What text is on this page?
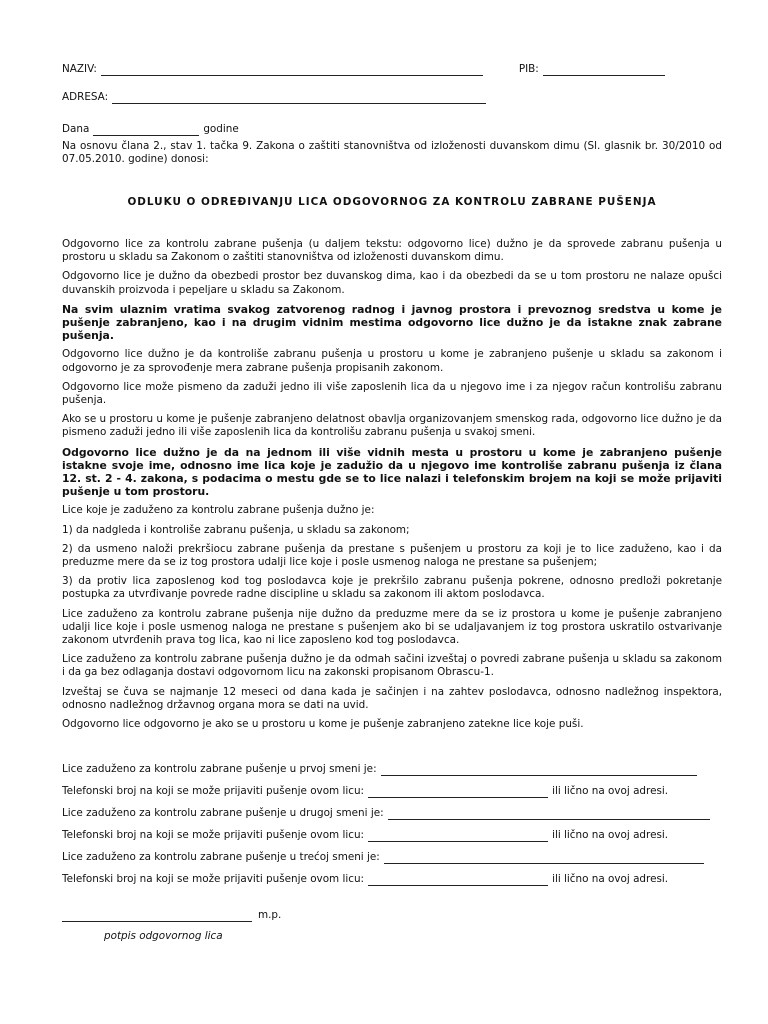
NAZIV:	PIB:
ADRESA:
Dana	godine

Na osnovu člana 2., stav 1. tačka 9. Zakona o zaštiti stanovništva od izloženosti duvanskom dimu (Sl. glasnik br. 30/2010 od 07.05.2010. godine) donosi:

ODLUKU O ODREĐIVANJU LICA ODGOVORNOG ZA KONTROLU ZABRANE PUŠENJA

Odgovorno lice za kontrolu zabrane pušenja (u daljem tekstu: odgovorno lice) dužno je da sprovede zabranu pušenja u prostoru u skladu sa Zakonom o zaštiti stanovništva od izloženosti duvanskom dimu.

Odgovorno lice je dužno da obezbedi prostor bez duvanskog dima, kao i da obezbedi da se u tom prostoru ne nalaze opušci duvanskih proizvoda i pepeljare u skladu sa Zakonom.

Na svim ulaznim vratima svakog zatvorenog radnog i javnog prostora i prevoznog sredstva u kome je pušenje zabranjeno, kao i na drugim vidnim mestima odgovorno lice dužno je da istakne znak zabrane pušenja.

Odgovorno lice dužno je da kontroliše zabranu pušenja u prostoru u kome je zabranjeno pušenje u skladu sa zakonom i odgovorno je za sprovođenje mera zabrane pušenja propisanih zakonom.

Odgovorno lice može pismeno da zaduži jedno ili više zaposlenih lica da u njegovo ime i za njegov račun kontrolišu zabranu pušenja.

Ako se u prostoru u kome je pušenje zabranjeno delatnost obavlja organizovanjem smenskog rada, odgovorno lice dužno je da pismeno zaduži jedno ili više zaposlenih lica da kontrolišu zabranu pušenja u svakoj smeni.

Odgovorno lice dužno je da na jednom ili više vidnih mesta u prostoru u kome je zabranjeno pušenje istakne svoje ime, odnosno ime lica koje je zadužio da u njegovo ime kontroliše zabranu pušenja iz člana 12. st. 2 - 4. zakona, s podacima o mestu gde se to lice nalazi i telefonskim brojem na koji se može prijaviti pušenje u tom prostoru.

Lice koje je zaduženo za kontrolu zabrane pušenja dužno je:

1) da nadgleda i kontroliše zabranu pušenja, u skladu sa zakonom;

2) da usmeno naloži prekršiocu zabrane pušenja da prestane s pušenjem u prostoru za koji je to lice zaduženo, kao i da preduzme mere da se iz tog prostora udalji lice koje i posle usmenog naloga ne prestane sa pušenjem;

3) da protiv lica zaposlenog kod tog poslodavca koje je prekršilo zabranu pušenja pokrene, odnosno predloži pokretanje postupka za utvrđivanje povrede radne discipline u skladu sa zakonom ili aktom poslodavca.

Lice zaduženo za kontrolu zabrane pušenja nije dužno da preduzme mere da se iz prostora u kome je pušenje zabranjeno udalji lice koje i posle usmenog naloga ne prestane s pušenjem ako bi se udaljavanjem iz tog prostora uskratilo ostvarivanje zakonom utvrđenih prava tog lica, kao ni lice zaposleno kod tog poslodavca.

Lice zaduženo za kontrolu zabrane pušenja dužno je da odmah sačini izveštaj o povredi zabrane pušenja u skladu sa zakonom i da ga bez odlaganja dostavi odgovornom licu na zakonski propisanom Obrascu-1.

Izveštaj se čuva se najmanje 12 meseci od dana kada je sačinjen i na zahtev poslodavca, odnosno nadležnog inspektora, odnosno nadležnog državnog organa mora se dati na uvid.

Odgovorno lice odgovorno je ako se u prostoru u kome je pušenje zabranjeno zatekne lice koje puši.

Lice zaduženo za kontrolu zabrane pušenje u prvoj smeni je:
Telefonski broj na koji se može prijaviti pušenje ovom licu:	ili lično na ovoj adresi.
Lice zaduženo za kontrolu zabrane pušenje u drugoj smeni je:
Telefonski broj na koji se može prijaviti pušenje ovom licu:	ili lično na ovoj adresi.
Lice zaduženo za kontrolu zabrane pušenje u trećoj smeni je:
Telefonski broj na koji se može prijaviti pušenje ovom licu:	ili lično na ovoj adresi.
m.p.
potpis odgovornog lica
